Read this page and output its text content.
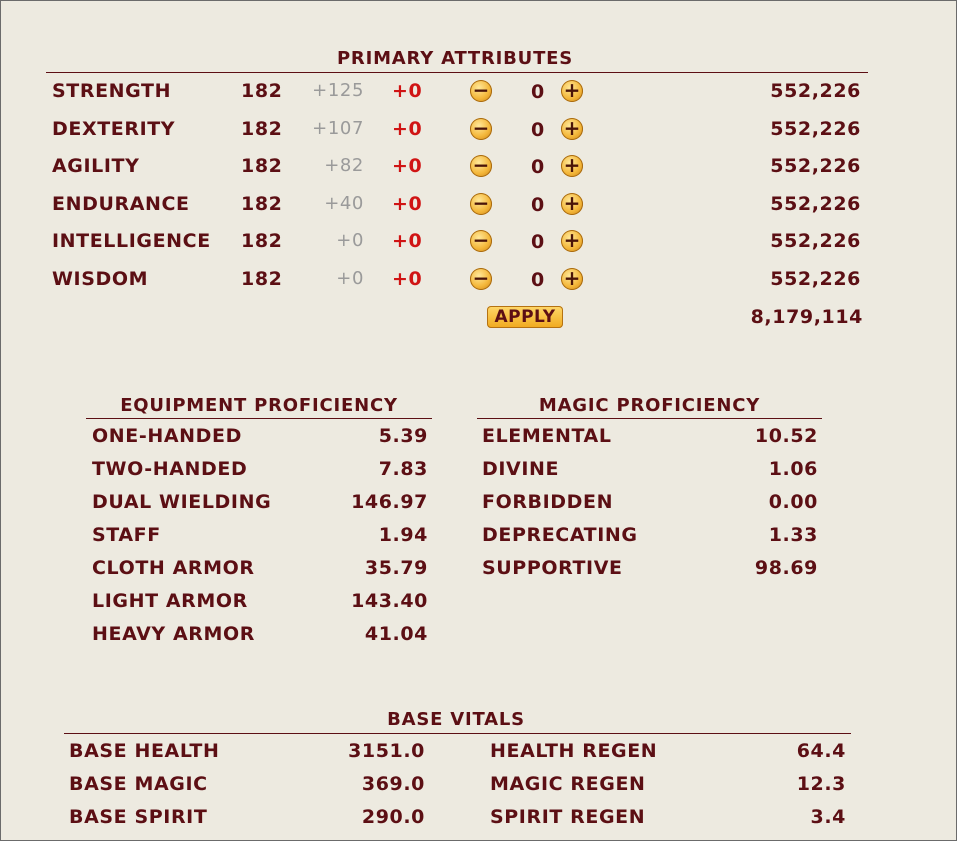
PRIMARY ATTRIBUTES
STRENGTH	182	+125 +0	− 0 +	552,226
DEXTERITY	182	+107 +0	− 0 +	552,226
AGILITY	182	+82 +0	− 0 +	552,226
ENDURANCE	182	+40 +0	− 0 +	552,226
INTELLIGENCE 182	+0 +0	− 0 +	552,226
WISDOM	182	+0 +0	− 0 +	552,226
APPLY	8,179,114
EQUIPMENT PROFICIENCY
ONE-HANDED	5.39
TWO-HANDED	7.83
DUAL WIELDING	146.97
STAFF	1.94
CLOTH ARMOR	35.79
LIGHT ARMOR	143.40
HEAVY ARMOR	41.04
MAGIC PROFICIENCY
ELEMENTAL	10.52
DIVINE	1.06
FORBIDDEN	0.00
DEPRECATING	1.33
SUPPORTIVE	98.69
BASE VITALS
BASE HEALTH	3151.0	HEALTH REGEN	64.4
BASE MAGIC	369.0	MAGIC REGEN	12.3
BASE SPIRIT	290.0	SPIRIT REGEN	3.4
